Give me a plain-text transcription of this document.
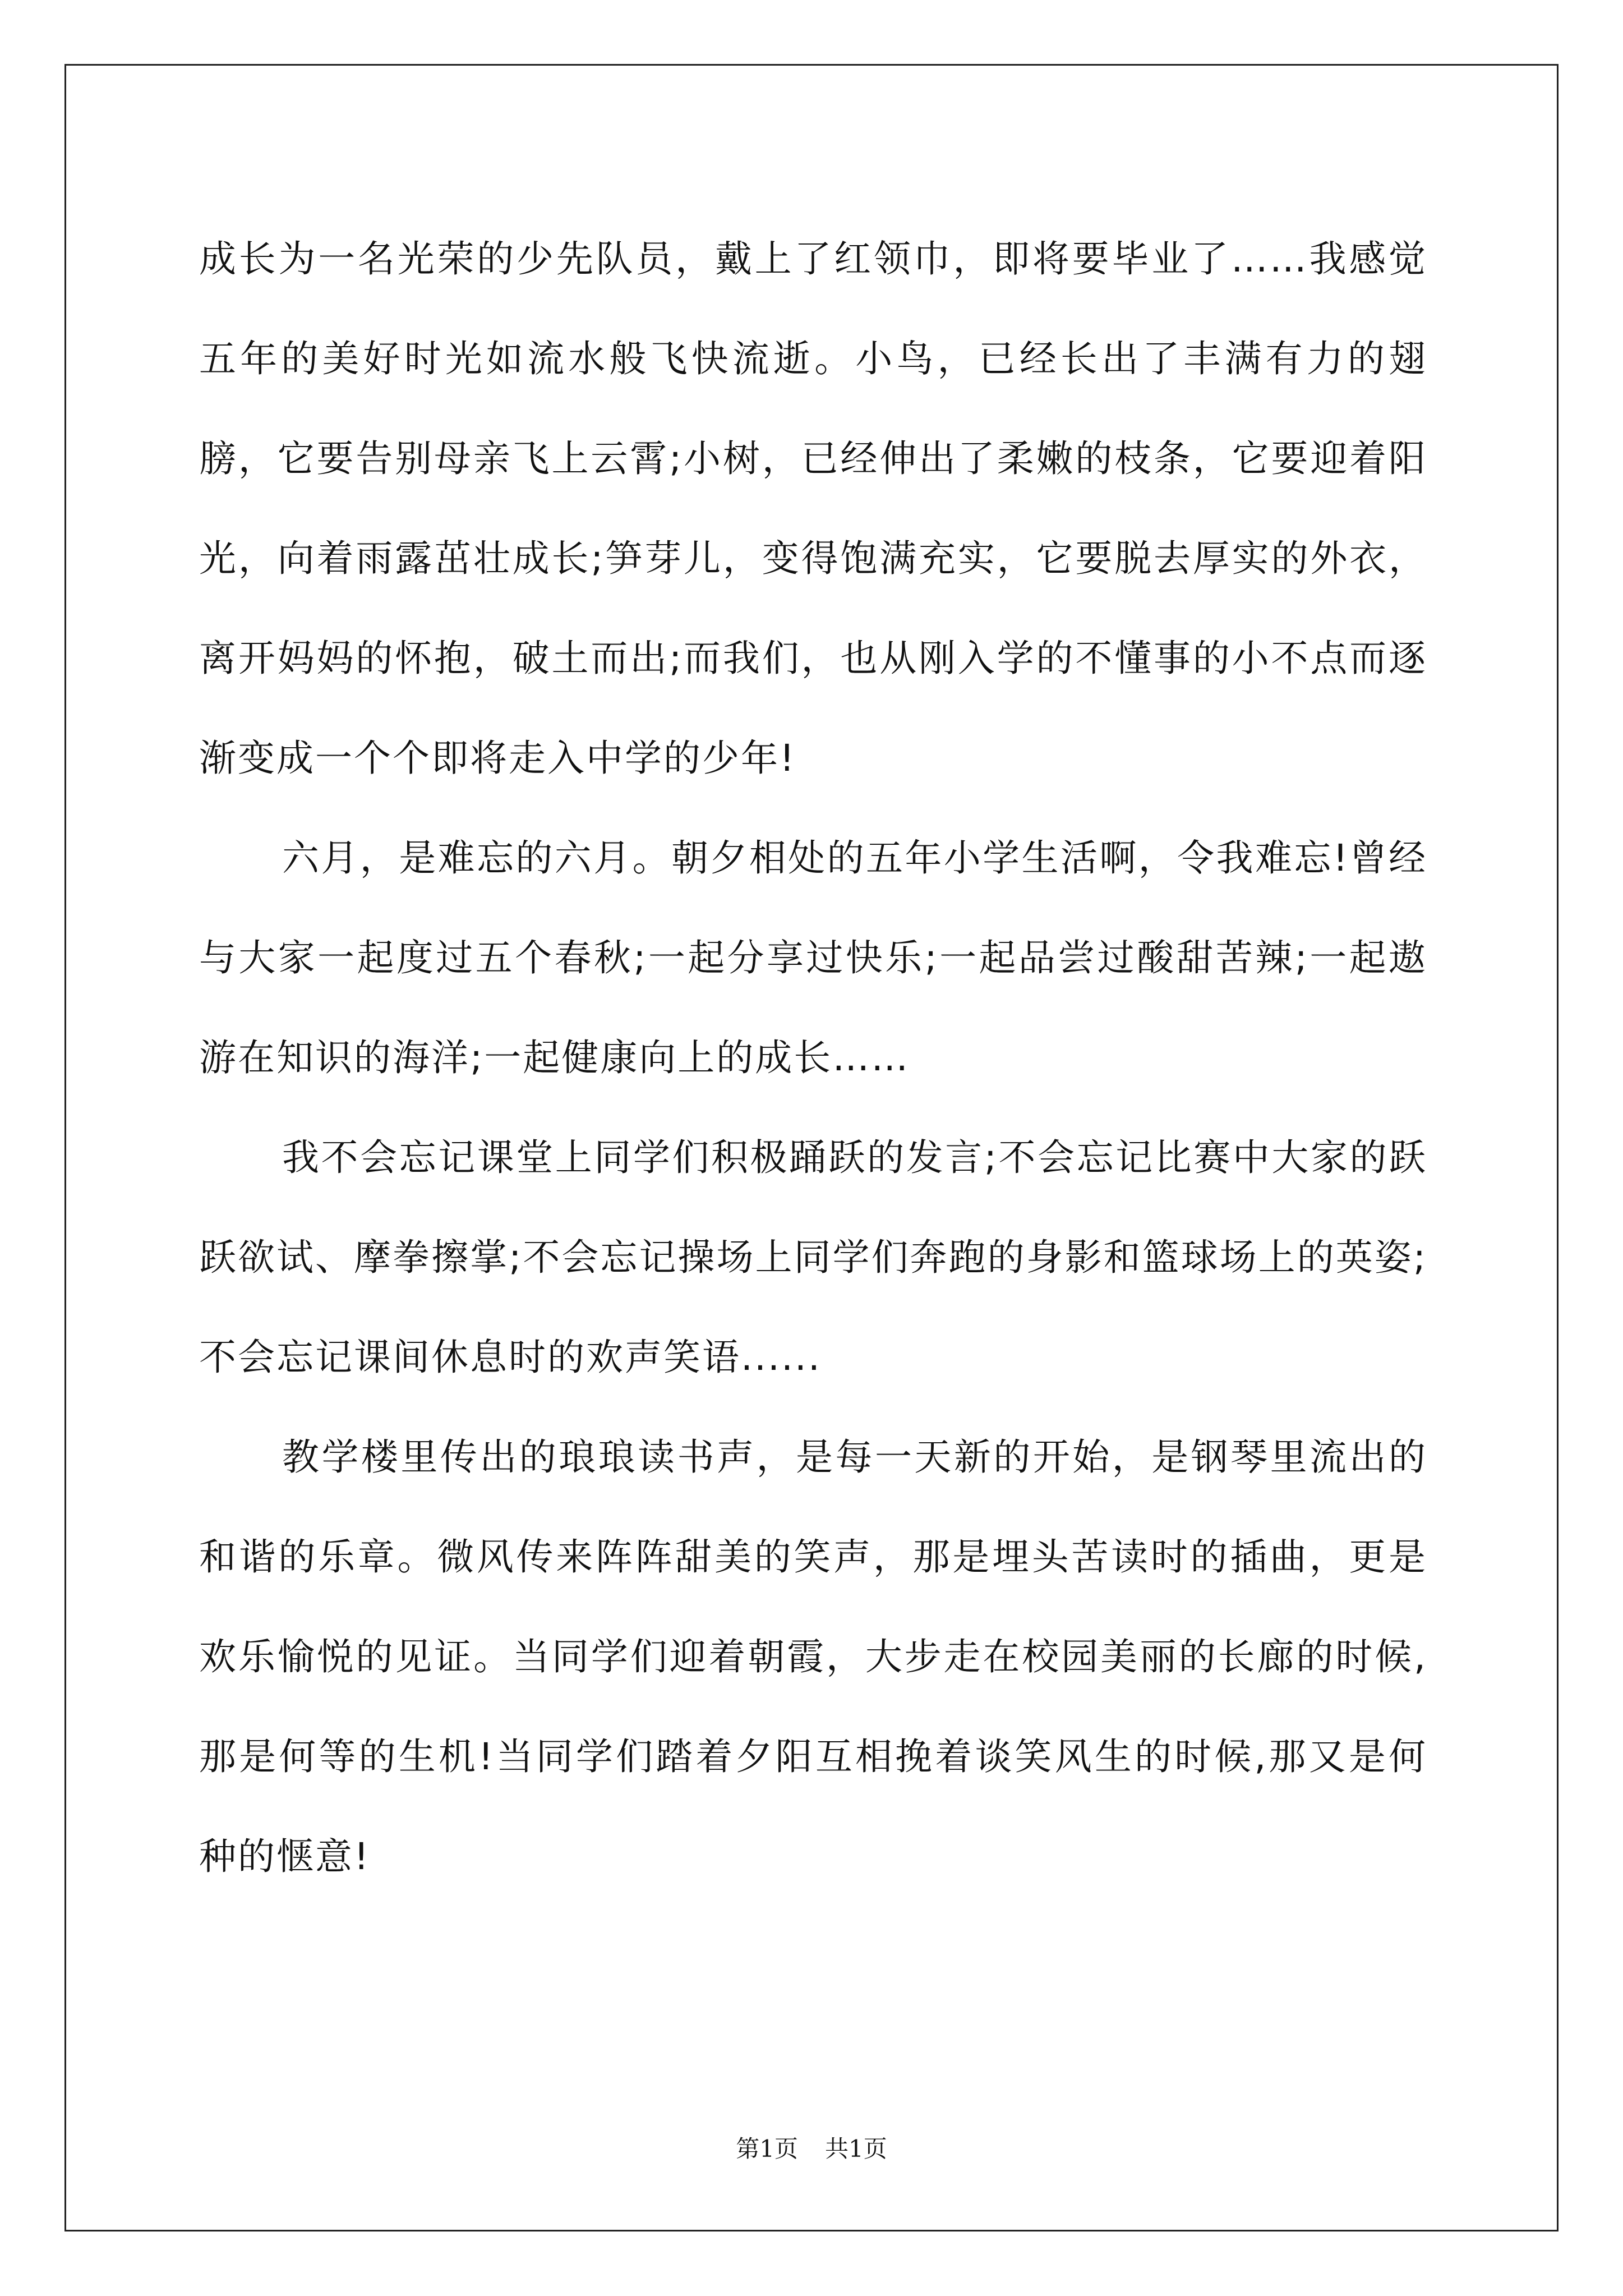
成长为一名光荣的少先队员，戴上了红领巾，即将要毕业了……我感觉五年的美好时光如流水般飞快流逝。小鸟，已经长出了丰满有力的翅膀，它要告别母亲飞上云霄;小树，已经伸出了柔嫩的枝条，它要迎着阳光，向着雨露茁壮成长;笋芽儿，变得饱满充实，它要脱去厚实的外衣，离开妈妈的怀抱，破土而出;而我们，也从刚入学的不懂事的小不点而逐渐变成一个个即将走入中学的少年!

六月，是难忘的六月。朝夕相处的五年小学生活啊，令我难忘!曾经与大家一起度过五个春秋;一起分享过快乐;一起品尝过酸甜苦辣;一起遨游在知识的海洋;一起健康向上的成长……

我不会忘记课堂上同学们积极踊跃的发言;不会忘记比赛中大家的跃跃欲试、摩拳擦掌;不会忘记操场上同学们奔跑的身影和篮球场上的英姿;不会忘记课间休息时的欢声笑语......

教学楼里传出的琅琅读书声，是每一天新的开始，是钢琴里流出的和谐的乐章。微风传来阵阵甜美的笑声，那是埋头苦读时的插曲，更是欢乐愉悦的见证。当同学们迎着朝霞，大步走在校园美丽的长廊的时候,那是何等的生机!当同学们踏着夕阳互相挽着谈笑风生的时候,那又是何种的惬意!

第1页 共1页
